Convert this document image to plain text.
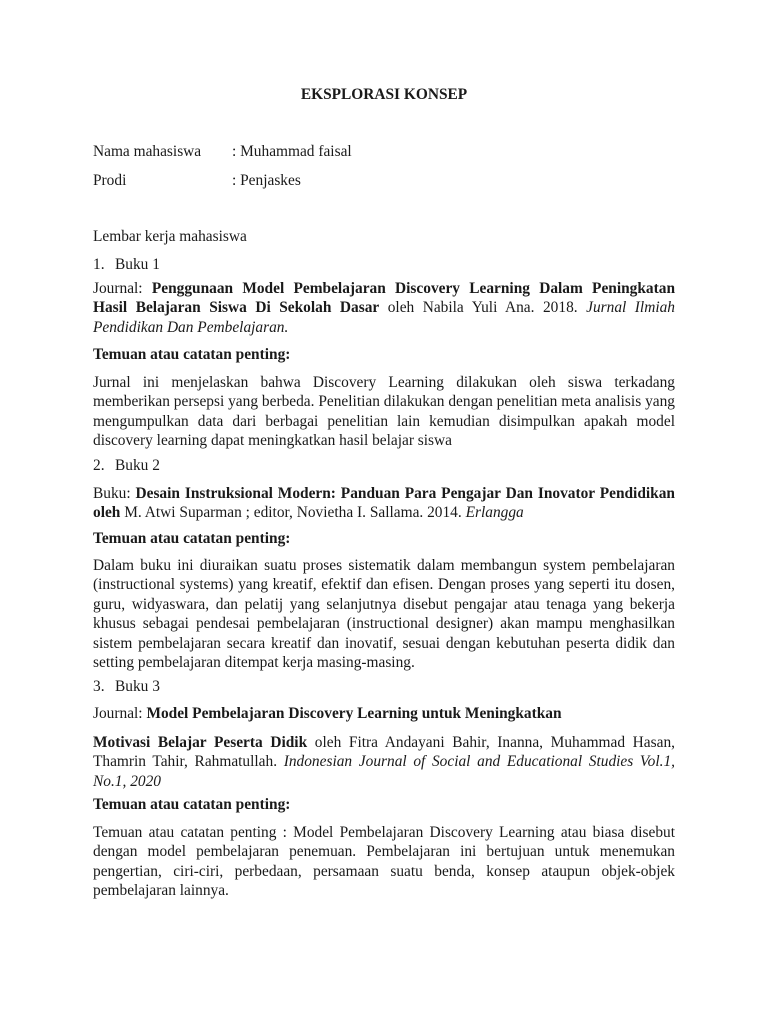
EKSPLORASI KONSEP
Nama mahasiswa : Muhammad faisal
Prodi	: Penjaskes
Lembar kerja mahasiswa
1. Buku 1
Journal: Penggunaan Model Pembelajaran Discovery Learning Dalam Peningkatan Hasil Belajaran Siswa Di Sekolah Dasar oleh Nabila Yuli Ana. 2018. Jurnal Ilmiah Pendidikan Dan Pembelajaran.
Temuan atau catatan penting:
Jurnal ini menjelaskan bahwa Discovery Learning dilakukan oleh siswa terkadang memberikan persepsi yang berbeda. Penelitian dilakukan dengan penelitian meta analisis yang mengumpulkan data dari berbagai penelitian lain kemudian disimpulkan apakah model discovery learning dapat meningkatkan hasil belajar siswa
2. Buku 2
Buku: Desain Instruksional Modern: Panduan Para Pengajar Dan Inovator Pendidikan oleh M. Atwi Suparman ; editor, Novietha I. Sallama. 2014. Erlangga
Temuan atau catatan penting:
Dalam buku ini diuraikan suatu proses sistematik dalam membangun system pembelajaran (instructional systems) yang kreatif, efektif dan efisen. Dengan proses yang seperti itu dosen, guru, widyaswara, dan pelatij yang selanjutnya disebut pengajar atau tenaga yang bekerja khusus sebagai pendesai pembelajaran (instructional designer) akan mampu menghasilkan sistem pembelajaran secara kreatif dan inovatif, sesuai dengan kebutuhan peserta didik dan setting pembelajaran ditempat kerja masing-masing.
3. Buku 3
Journal: Model Pembelajaran Discovery Learning untuk Meningkatkan
Motivasi Belajar Peserta Didik oleh Fitra Andayani Bahir, Inanna, Muhammad Hasan, Thamrin Tahir, Rahmatullah. Indonesian Journal of Social and Educational Studies Vol.1, No.1, 2020
Temuan atau catatan penting:
Temuan atau catatan penting : Model Pembelajaran Discovery Learning atau biasa disebut dengan model pembelajaran penemuan. Pembelajaran ini bertujuan untuk menemukan pengertian, ciri-ciri, perbedaan, persamaan suatu benda, konsep ataupun objek-objek pembelajaran lainnya.
